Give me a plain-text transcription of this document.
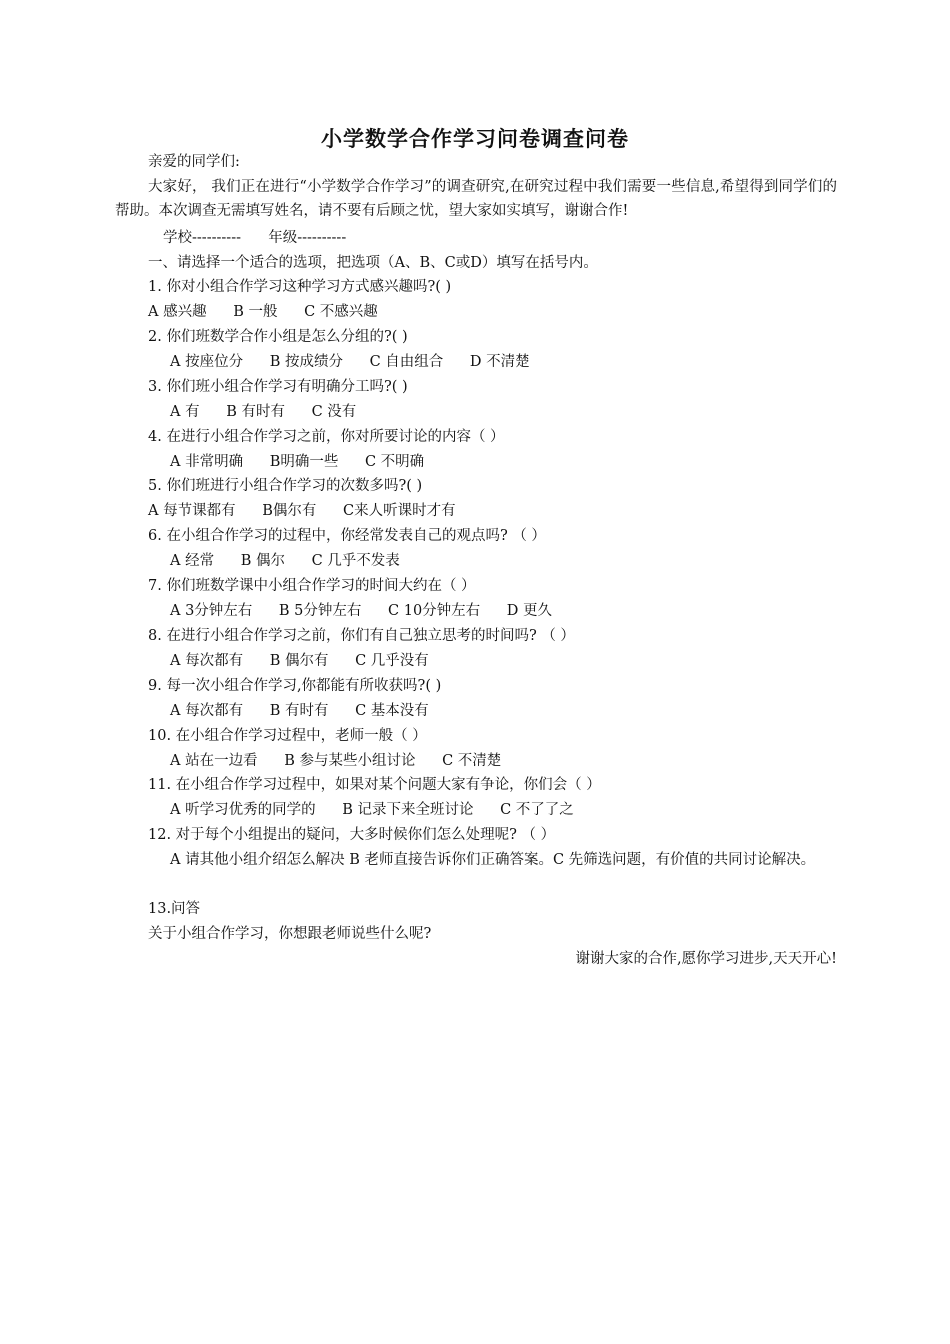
小学数学合作学习问卷调查问卷
亲爱的同学们:
大家好， 我们正在进行“小学数学合作学习”的调查研究,在研究过程中我们需要一些信息,希望得到同学们的帮助。本次调查无需填写姓名，请不要有后顾之忧，望大家如实填写，谢谢合作!
学校---------- 年级----------
一、请选择一个适合的选项，把选项（A、B、C或D）填写在括号内。
1. 你对小组合作学习这种学习方式感兴趣吗?( )
A 感兴趣 B 一般 C 不感兴趣
2. 你们班数学合作小组是怎么分组的?( )
A 按座位分 B 按成绩分 C 自由组合 D 不清楚
3. 你们班小组合作学习有明确分工吗?( )
A 有 B 有时有 C 没有
4. 在进行小组合作学习之前，你对所要讨论的内容（ ）
A 非常明确 B明确一些 C 不明确
5. 你们班进行小组合作学习的次数多吗?( )
A 每节课都有 B偶尔有 C来人听课时才有
6. 在小组合作学习的过程中，你经常发表自己的观点吗? （ ）
A 经常 B 偶尔 C 几乎不发表
7. 你们班数学课中小组合作学习的时间大约在（ ）
A 3分钟左右 B 5分钟左右 C 10分钟左右 D 更久
8. 在进行小组合作学习之前，你们有自己独立思考的时间吗? （ ）
A 每次都有 B 偶尔有 C 几乎没有
9. 每一次小组合作学习,你都能有所收获吗?( )
A 每次都有 B 有时有 C 基本没有
10. 在小组合作学习过程中，老师一般（ ）
A 站在一边看 B 参与某些小组讨论 C 不清楚
11. 在小组合作学习过程中，如果对某个问题大家有争论，你们会（ ）
A 听学习优秀的同学的 B 记录下来全班讨论 C 不了了之
12. 对于每个小组提出的疑问，大多时候你们怎么处理呢? （ ）
A 请其他小组介绍怎么解决 B 老师直接告诉你们正确答案。C 先筛选问题，有价值的共同讨论解决。
13.问答
关于小组合作学习，你想跟老师说些什么呢?
谢谢大家的合作,愿你学习进步,天天开心!
